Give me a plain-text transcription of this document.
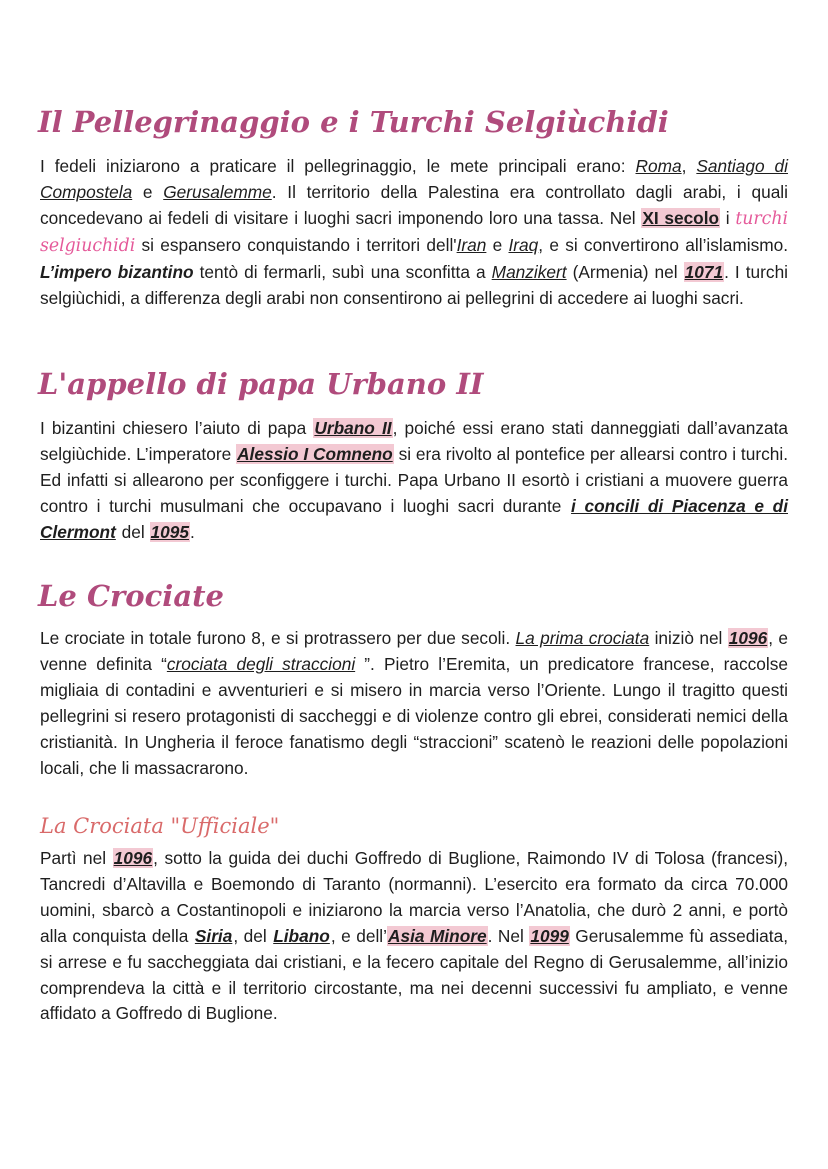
Il Pellegrinaggio e i Turchi Selgiùchidi

I fedeli iniziarono a praticare il pellegrinaggio, le mete principali erano: Roma, Santiago di Compostela e Gerusalemme. Il territorio della Palestina era controllato dagli arabi, i quali concedevano ai fedeli di visitare i luoghi sacri imponendo loro una tassa. Nel XI secolo i turchi selgiuchidi si espansero conquistando i territori dell'Iran e Iraq, e si convertirono all’islamismo. L’impero bizantino tentò di fermarli, subì una sconfitta a Manzikert (Armenia) nel 1071. I turchi selgiùchidi, a differenza degli arabi non consentirono ai pellegrini di accedere ai luoghi sacri.

L'appello di papa Urbano II

I bizantini chiesero l’aiuto di papa Urbano II, poiché essi erano stati danneggiati dall’avanzata selgiùchide. L’imperatore Alessio I Comneno si era rivolto al pontefice per allearsi contro i turchi. Ed infatti si allearono per sconfiggere i turchi. Papa Urbano II esortò i cristiani a muovere guerra contro i turchi musulmani che occupavano i luoghi sacri durante i concili di Piacenza e di Clermont del 1095.

Le Crociate

Le crociate in totale furono 8, e si protrassero per due secoli. La prima crociata iniziò nel 1096, e venne definita “crociata degli straccioni ”. Pietro l’Eremita, un predicatore francese, raccolse migliaia di contadini e avventurieri e si misero in marcia verso l’Oriente. Lungo il tragitto questi pellegrini si resero protagonisti di saccheggi e di violenze contro gli ebrei, considerati nemici della cristianità. In Ungheria il feroce fanatismo degli “straccioni” scatenò le reazioni delle popolazioni locali, che li massacrarono.

La Crociata "Ufficiale"

Partì nel 1096, sotto la guida dei duchi Goffredo di Buglione, Raimondo IV di Tolosa (francesi), Tancredi d’Altavilla e Boemondo di Taranto (normanni). L’esercito era formato da circa 70.000 uomini, sbarcò a Costantinopoli e iniziarono la marcia verso l’Anatolia, che durò 2 anni, e portò alla conquista della Siria, del Libano, e dell’Asia Minore. Nel 1099 Gerusalemme fù assediata, si arrese e fu saccheggiata dai cristiani, e la fecero capitale del Regno di Gerusalemme, all’inizio comprendeva la città e il territorio circostante, ma nei decenni successivi fu ampliato, e venne affidato a Goffredo di Buglione.
